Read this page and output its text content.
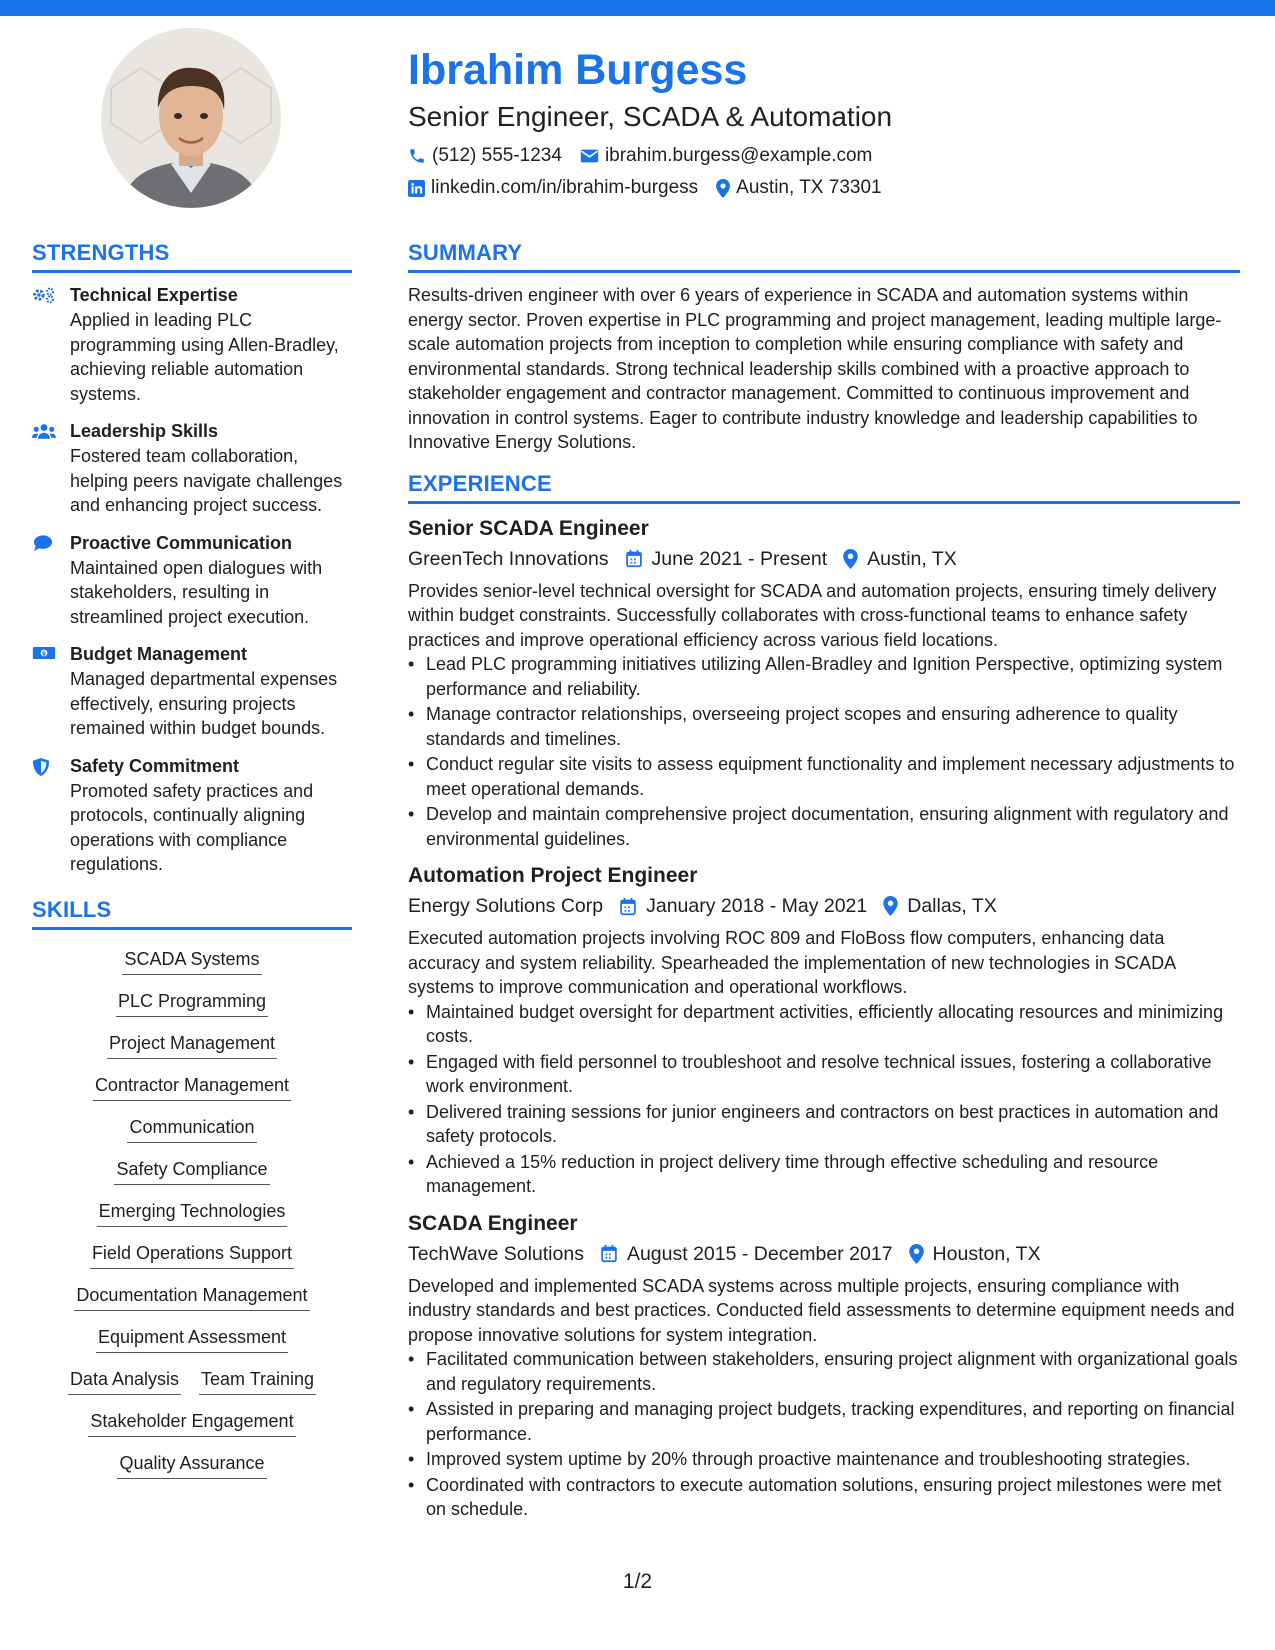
Ibrahim Burgess
Senior Engineer, SCADA & Automation
(512) 555-1234 ibrahim.burgess@example.com
linkedin.com/in/ibrahim-burgess Austin, TX 73301
STRENGTHS
Technical Expertise
Applied in leading PLC programming using Allen-Bradley, achieving reliable automation systems.
Leadership Skills
Fostered team collaboration, helping peers navigate challenges and enhancing project success.
Proactive Communication
Maintained open dialogues with stakeholders, resulting in streamlined project execution.
$ Budget Management
Managed departmental expenses effectively, ensuring projects remained within budget bounds.
Safety Commitment
Promoted safety practices and protocols, continually aligning operations with compliance regulations.
SKILLS
SCADA Systems
PLC Programming
Project Management
Contractor Management
Communication
Safety Compliance
Emerging Technologies
Field Operations Support
Documentation Management
Equipment Assessment
Data Analysis Team Training
Stakeholder Engagement
Quality Assurance
SUMMARY
Results-driven engineer with over 6 years of experience in SCADA and automation systems within energy sector. Proven expertise in PLC programming and project management, leading multiple large-scale automation projects from inception to completion while ensuring compliance with safety and environmental standards. Strong technical leadership skills combined with a proactive approach to stakeholder engagement and contractor management. Committed to continuous improvement and innovation in control systems. Eager to contribute industry knowledge and leadership capabilities to Innovative Energy Solutions.
EXPERIENCE
Senior SCADA Engineer
GreenTech Innovations June 2021 - Present Austin, TX
Provides senior-level technical oversight for SCADA and automation projects, ensuring timely delivery within budget constraints. Successfully collaborates with cross-functional teams to enhance safety practices and improve operational efficiency across various field locations.
• Lead PLC programming initiatives utilizing Allen-Bradley and Ignition Perspective, optimizing system performance and reliability.
• Manage contractor relationships, overseeing project scopes and ensuring adherence to quality standards and timelines.
• Conduct regular site visits to assess equipment functionality and implement necessary adjustments to meet operational demands.
• Develop and maintain comprehensive project documentation, ensuring alignment with regulatory and environmental guidelines.
Automation Project Engineer
Energy Solutions Corp January 2018 - May 2021 Dallas, TX
Executed automation projects involving ROC 809 and FloBoss flow computers, enhancing data accuracy and system reliability. Spearheaded the implementation of new technologies in SCADA systems to improve communication and operational workflows.
• Maintained budget oversight for department activities, efficiently allocating resources and minimizing costs.
• Engaged with field personnel to troubleshoot and resolve technical issues, fostering a collaborative work environment.
• Delivered training sessions for junior engineers and contractors on best practices in automation and safety protocols.
• Achieved a 15% reduction in project delivery time through effective scheduling and resource management.
SCADA Engineer
TechWave Solutions August 2015 - December 2017 Houston, TX
Developed and implemented SCADA systems across multiple projects, ensuring compliance with industry standards and best practices. Conducted field assessments to determine equipment needs and propose innovative solutions for system integration.
• Facilitated communication between stakeholders, ensuring project alignment with organizational goals and regulatory requirements.
• Assisted in preparing and managing project budgets, tracking expenditures, and reporting on financial performance.
• Improved system uptime by 20% through proactive maintenance and troubleshooting strategies.
• Coordinated with contractors to execute automation solutions, ensuring project milestones were met on schedule.
1/2
